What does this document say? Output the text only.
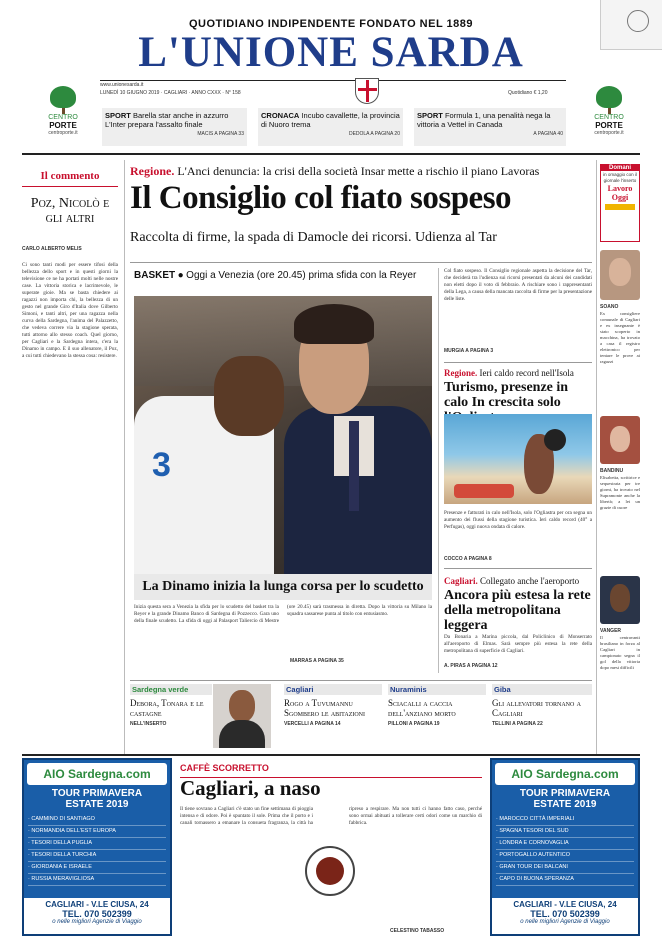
QUOTIDIANO INDIPENDENTE FONDATO NEL 1889
L'UNIONE SARDA
www.unionesarda.it
LUNEDÌ 10 GIUGNO 2019 · CAGLIARI · ANNO CXXX · N° 158	Quotidiano € 1,20
CENTRO
PORTE
centroporte.it
CENTRO
PORTE
centroporte.it
SPORT Barella star anche in azzurro L'Inter prepara l'assalto finale
MACIS A PAGINA 33
CRONACA Incubo cavallette, la provincia di Nuoro trema
DEDOLA A PAGINA 20
SPORT Formula 1, una penalità nega la vittoria a Vettel in Canada
A PAGINA 40
Il commento
Poz, Nicolò e gli altri
CARLO ALBERTO MELIS
Ci sono tanti modi per essere tifosi della bellezza dello sport e in questi giorni la televisione ce ne ha portati molti nelle nostre case. La vittoria storica e lacrimevole, le superate gioie. Ma se basta chiedere ai ragazzi non importa chi, la bellezza di un gesto nel grande Giro d'Italia dove Gilberto Simoni, e tanti altri, per una ragazza nella curva della Sardegna, l'anima del Palazzetto, che vedeva correre via la stagione sperata, tutti attorno allo stesso coach. Quel giorno, per Cagliari e la Sardegna intera, c'era la Dinamo in campo. E il suo allenatore, il Poz, a cui tutti chiedevano la stessa cosa: resistere.
Regione. L'Anci denuncia: la crisi della società Insar mette a rischio il piano Lavoras
Il Consiglio col fiato sospeso
Raccolta di firme, la spada di Damocle dei ricorsi. Udienza al Tar
BASKET ● Oggi a Venezia (ore 20.45) prima sfida con la Reyer
3
La Dinamo inizia la lunga corsa per lo scudetto
Inizia questa sera a Venezia la sfida per lo scudetto del basket tra la Reyer e la grande Dinamo Banco di Sardegna di Pozzecco. Gara uno della finale scudetto. La sfida di oggi al Palasport Taliercio di Mestre (ore 20.45) sarà trasmessa in diretta. Dopo la vittoria su Milano la squadra sassarese punta al titolo con entusiasmo.
MARRAS A PAGINA 35
Col fiato sospeso. Il Consiglio regionale aspetta la decisione del Tar, che deciderà tra l'udienza sui ricorsi presentati da alcuni dei candidati non eletti dopo il voto di febbraio. A rischiare sono i rappresentanti della Lega, a causa della mancata raccolta di firme per la presentazione delle liste.
MURGIA A PAGINA 3
Regione. Ieri caldo record nell'Isola
Turismo, presenze in calo In crescita solo
Presenze e fatturati in calo nell'Isola, solo l'Ogliastra per ora segna un aumento dei flussi della stagione turistica. Ieri caldo record (40° a Perfugas), oggi nuova ondata di calore.
COCCO A PAGINA 8
Cagliari. Collegato anche l'aeroporto
Ancora più estesa la rete della metropolitana leggera
Da Bonaria a Marina piccola, dal Policlinico di Monserrato all'aeroporto di Elmas. Sarà sempre più estesa la rete della metropolitana di superficie di Cagliari.
A. PIRAS A PAGINA 12
Domani
in omaggio con il giornale l'inserto
Lavoro
Oggi
SOANO
Ex consigliere comunale di Cagliari e ex insegnante è stato scoperto in macchina, ha trovato a casa il registro elettronico per tentare le prove ai ragazzi
BANDINU
Elisabetta, scrittrice e sequestrata per tre giorni, ha trovato nel Supramonte anche la libertà; a lei un grazie di cuore
VANGER
Il centravanti brasiliano in forza al Cagliari in campionato segna il gol della vittoria dopo mesi difficili
Sardegna verde
Debora, Tonara e le castagne
NELL'INSERTO
Cagliari
Rogo a Tuvumannu Sgombero le abitazioni
VERCELLI A PAGINA 14
Nuraminis
Sciacalli a caccia dell'anziano morto
PILLONI A PAGINA 19
Giba
Gli allevatori tornano a Cagliari
TELLINI A PAGINA 22
AIO Sardegna.com
TOUR PRIMAVERA
ESTATE 2019
· CAMMINO DI SANTIAGO
· NORMANDIA DELL'EST EUROPA
· TESORI DELLA PUGLIA
· TESORI DELLA TURCHIA
· GIORDANIA E ISRAELE
· RUSSIA MERAVIGLIOSA
CAGLIARI - V.LE CIUSA, 24
TEL. 070 502399
o nelle migliori Agenzie di Viaggio
AIO Sardegna.com
TOUR PRIMAVERA
ESTATE 2019
· MAROCCO CITTÀ IMPERIALI
· SPAGNA TESORI DEL SUD
· LONDRA E CORNOVAGLIA
· PORTOGALLO AUTENTICO
· GRAN TOUR DEI BALCANI
· CAPO DI BUONA SPERANZA
CAGLIARI - V.LE CIUSA, 24
TEL. 070 502399
o nelle migliori Agenzie di Viaggio
CAFFÈ SCORRETTO
Cagliari, a naso
Il tiene sovrano a Cagliari c'è stato un fine settimana di pioggia intensa e di odore. Poi è spuntato il sole. Prima che il porto e i canali tornassero a emanare la consueta fragranza, la città ha ripreso a respirare. Ma non tutti ci hanno fatto caso, perché sono ormai abituati a tollerare certi odori come un marchio di fabbrica.
CELESTINO TABASSO
